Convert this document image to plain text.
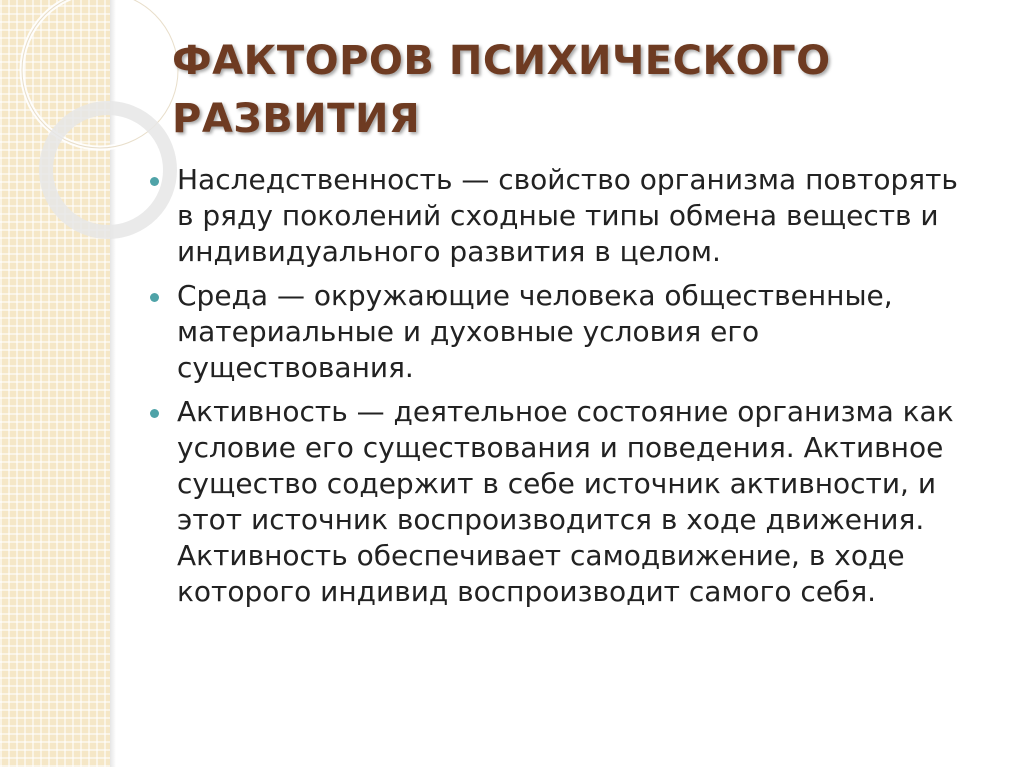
ФАКТОРОВ ПСИХИЧЕСКОГО
РАЗВИТИЯ
Наследственность — свойство организма повторять в ряду поколений сходные типы обмена веществ и индивидуального развития в целом.
Среда — окружающие человека общественные, материальные и духовные условия его существования.
Активность — деятельное состояние организма как условие его существования и поведения. Активное существо содержит в себе источник активности, и этот источник воспроизводится в ходе движения. Активность обеспечивает самодвижение, в ходе которого индивид воспроизводит самого себя.
